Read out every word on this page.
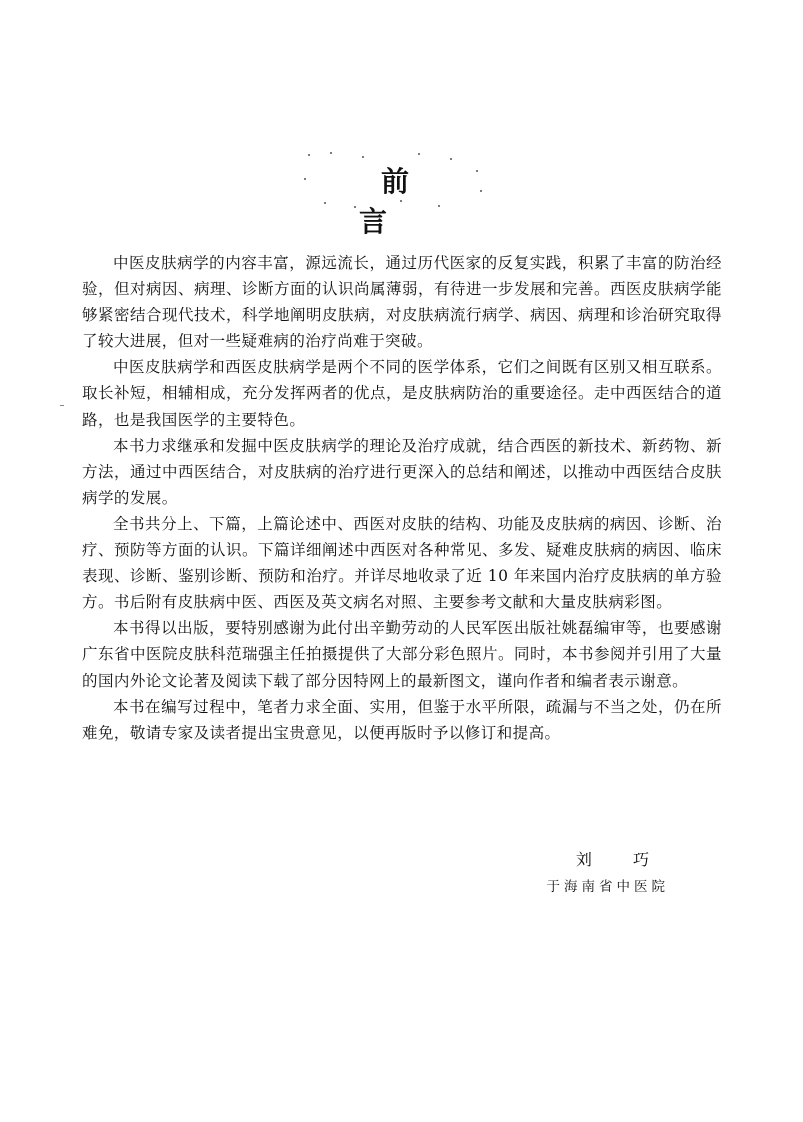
前 言

中医皮肤病学的内容丰富，源远流长，通过历代医家的反复实践，积累了丰富的防治经验，但对病因、病理、诊断方面的认识尚属薄弱，有待进一步发展和完善。西医皮肤病学能够紧密结合现代技术，科学地阐明皮肤病，对皮肤病流行病学、病因、病理和诊治研究取得了较大进展，但对一些疑难病的治疗尚难于突破。

中医皮肤病学和西医皮肤病学是两个不同的医学体系，它们之间既有区别又相互联系。取长补短，相辅相成，充分发挥两者的优点，是皮肤病防治的重要途径。走中西医结合的道路，也是我国医学的主要特色。

本书力求继承和发掘中医皮肤病学的理论及治疗成就，结合西医的新技术、新药物、新方法，通过中西医结合，对皮肤病的治疗进行更深入的总结和阐述，以推动中西医结合皮肤病学的发展。

全书共分上、下篇，上篇论述中、西医对皮肤的结构、功能及皮肤病的病因、诊断、治疗、预防等方面的认识。下篇详细阐述中西医对各种常见、多发、疑难皮肤病的病因、临床表现、诊断、鉴别诊断、预防和治疗。并详尽地收录了近 10 年来国内治疗皮肤病的单方验方。书后附有皮肤病中医、西医及英文病名对照、主要参考文献和大量皮肤病彩图。

本书得以出版，要特别感谢为此付出辛勤劳动的人民军医出版社姚磊编审等，也要感谢广东省中医院皮肤科范瑞强主任拍摄提供了大部分彩色照片。同时，本书参阅并引用了大量的国内外论文论著及阅读下载了部分因特网上的最新图文，谨向作者和编者表示谢意。

本书在编写过程中，笔者力求全面、实用，但鉴于水平所限，疏漏与不当之处，仍在所难免，敬请专家及读者提出宝贵意见，以便再版时予以修订和提高。

刘 巧
于海南省中医院
